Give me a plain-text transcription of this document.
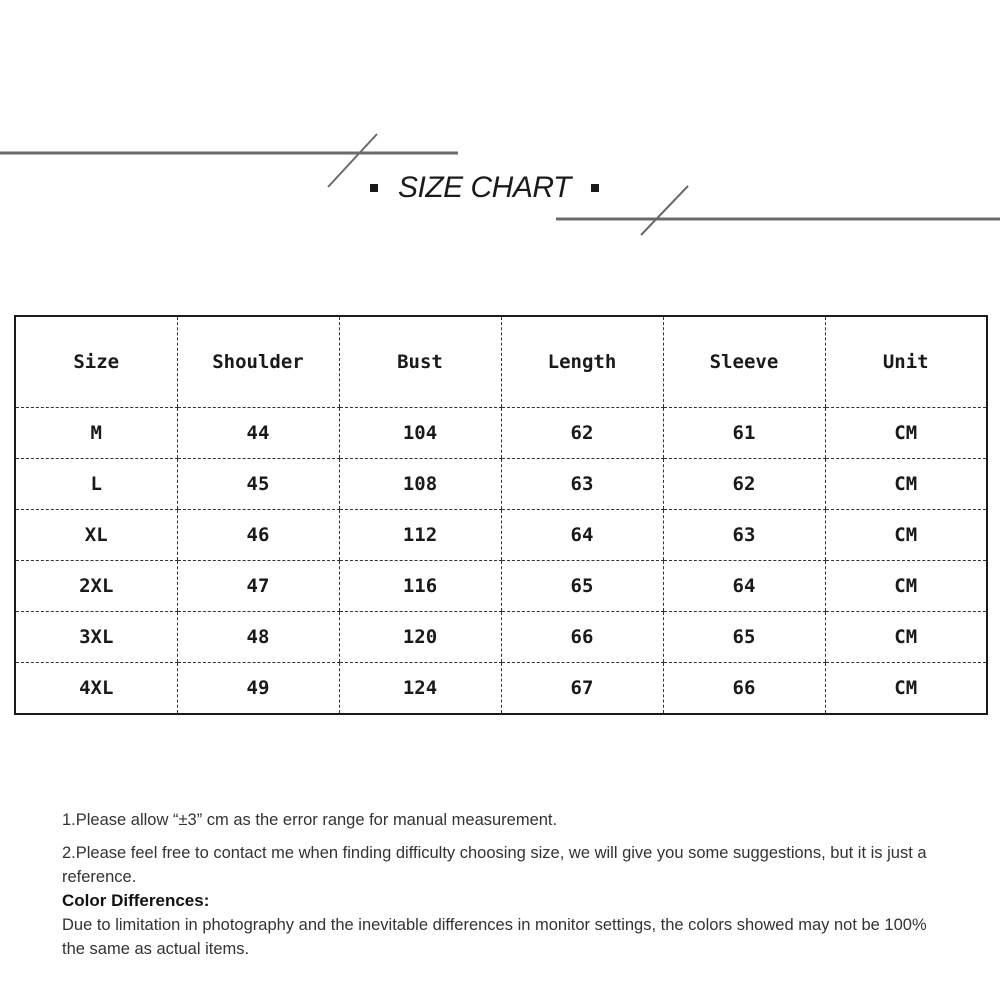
SIZE CHART
Size	Shoulder	Bust	Length	Sleeve	Unit
M	44	104	62	61	CM
L	45	108	63	62	CM
XL	46	112	64	63	CM
2XL	47	116	65	64	CM
3XL	48	120	66	65	CM
4XL	49	124	67	66	CM

1.Please allow “±3” cm as the error range for manual measurement.

2.Please feel free to contact me when finding difficulty choosing size, we will give you some suggestions, but it is just a reference.

Color Differences:

Due to limitation in photography and the inevitable differences in monitor settings, the colors showed may not be 100% the same as actual items.
